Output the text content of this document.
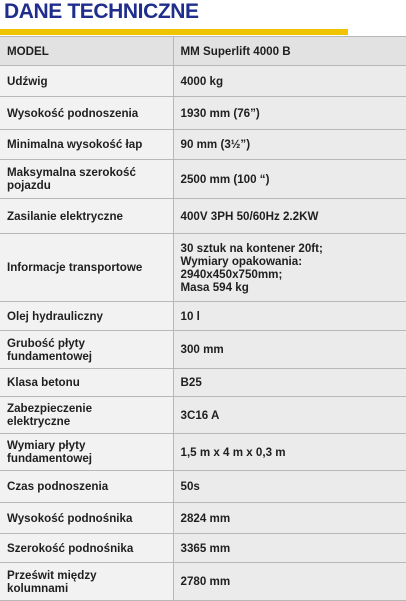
DANE TECHNICZNE
MODEL	MM Superlift 4000 B
Udźwig	4000 kg
Wysokość podnoszenia	1930 mm (76”)
Minimalna wysokość łap	90 mm (3½”)
Maksymalna szerokość
pojazdu	2500 mm (100 “)
Zasilanie elektryczne	400V 3PH 50/60Hz 2.2KW
Informacje transportowe	30 sztuk na kontener 20ft;
Wymiary opakowania:
2940x450x750mm;
Masa 594 kg
Olej hydrauliczny	10 l
Grubość płyty
fundamentowej	300 mm
Klasa betonu	B25
Zabezpieczenie
elektryczne	3C16 A
Wymiary płyty
fundamentowej	1,5 m x 4 m x 0,3 m
Czas podnoszenia	50s
Wysokość podnośnika	2824 mm
Szerokość podnośnika	3365 mm
Prześwit między
kolumnami	2780 mm
